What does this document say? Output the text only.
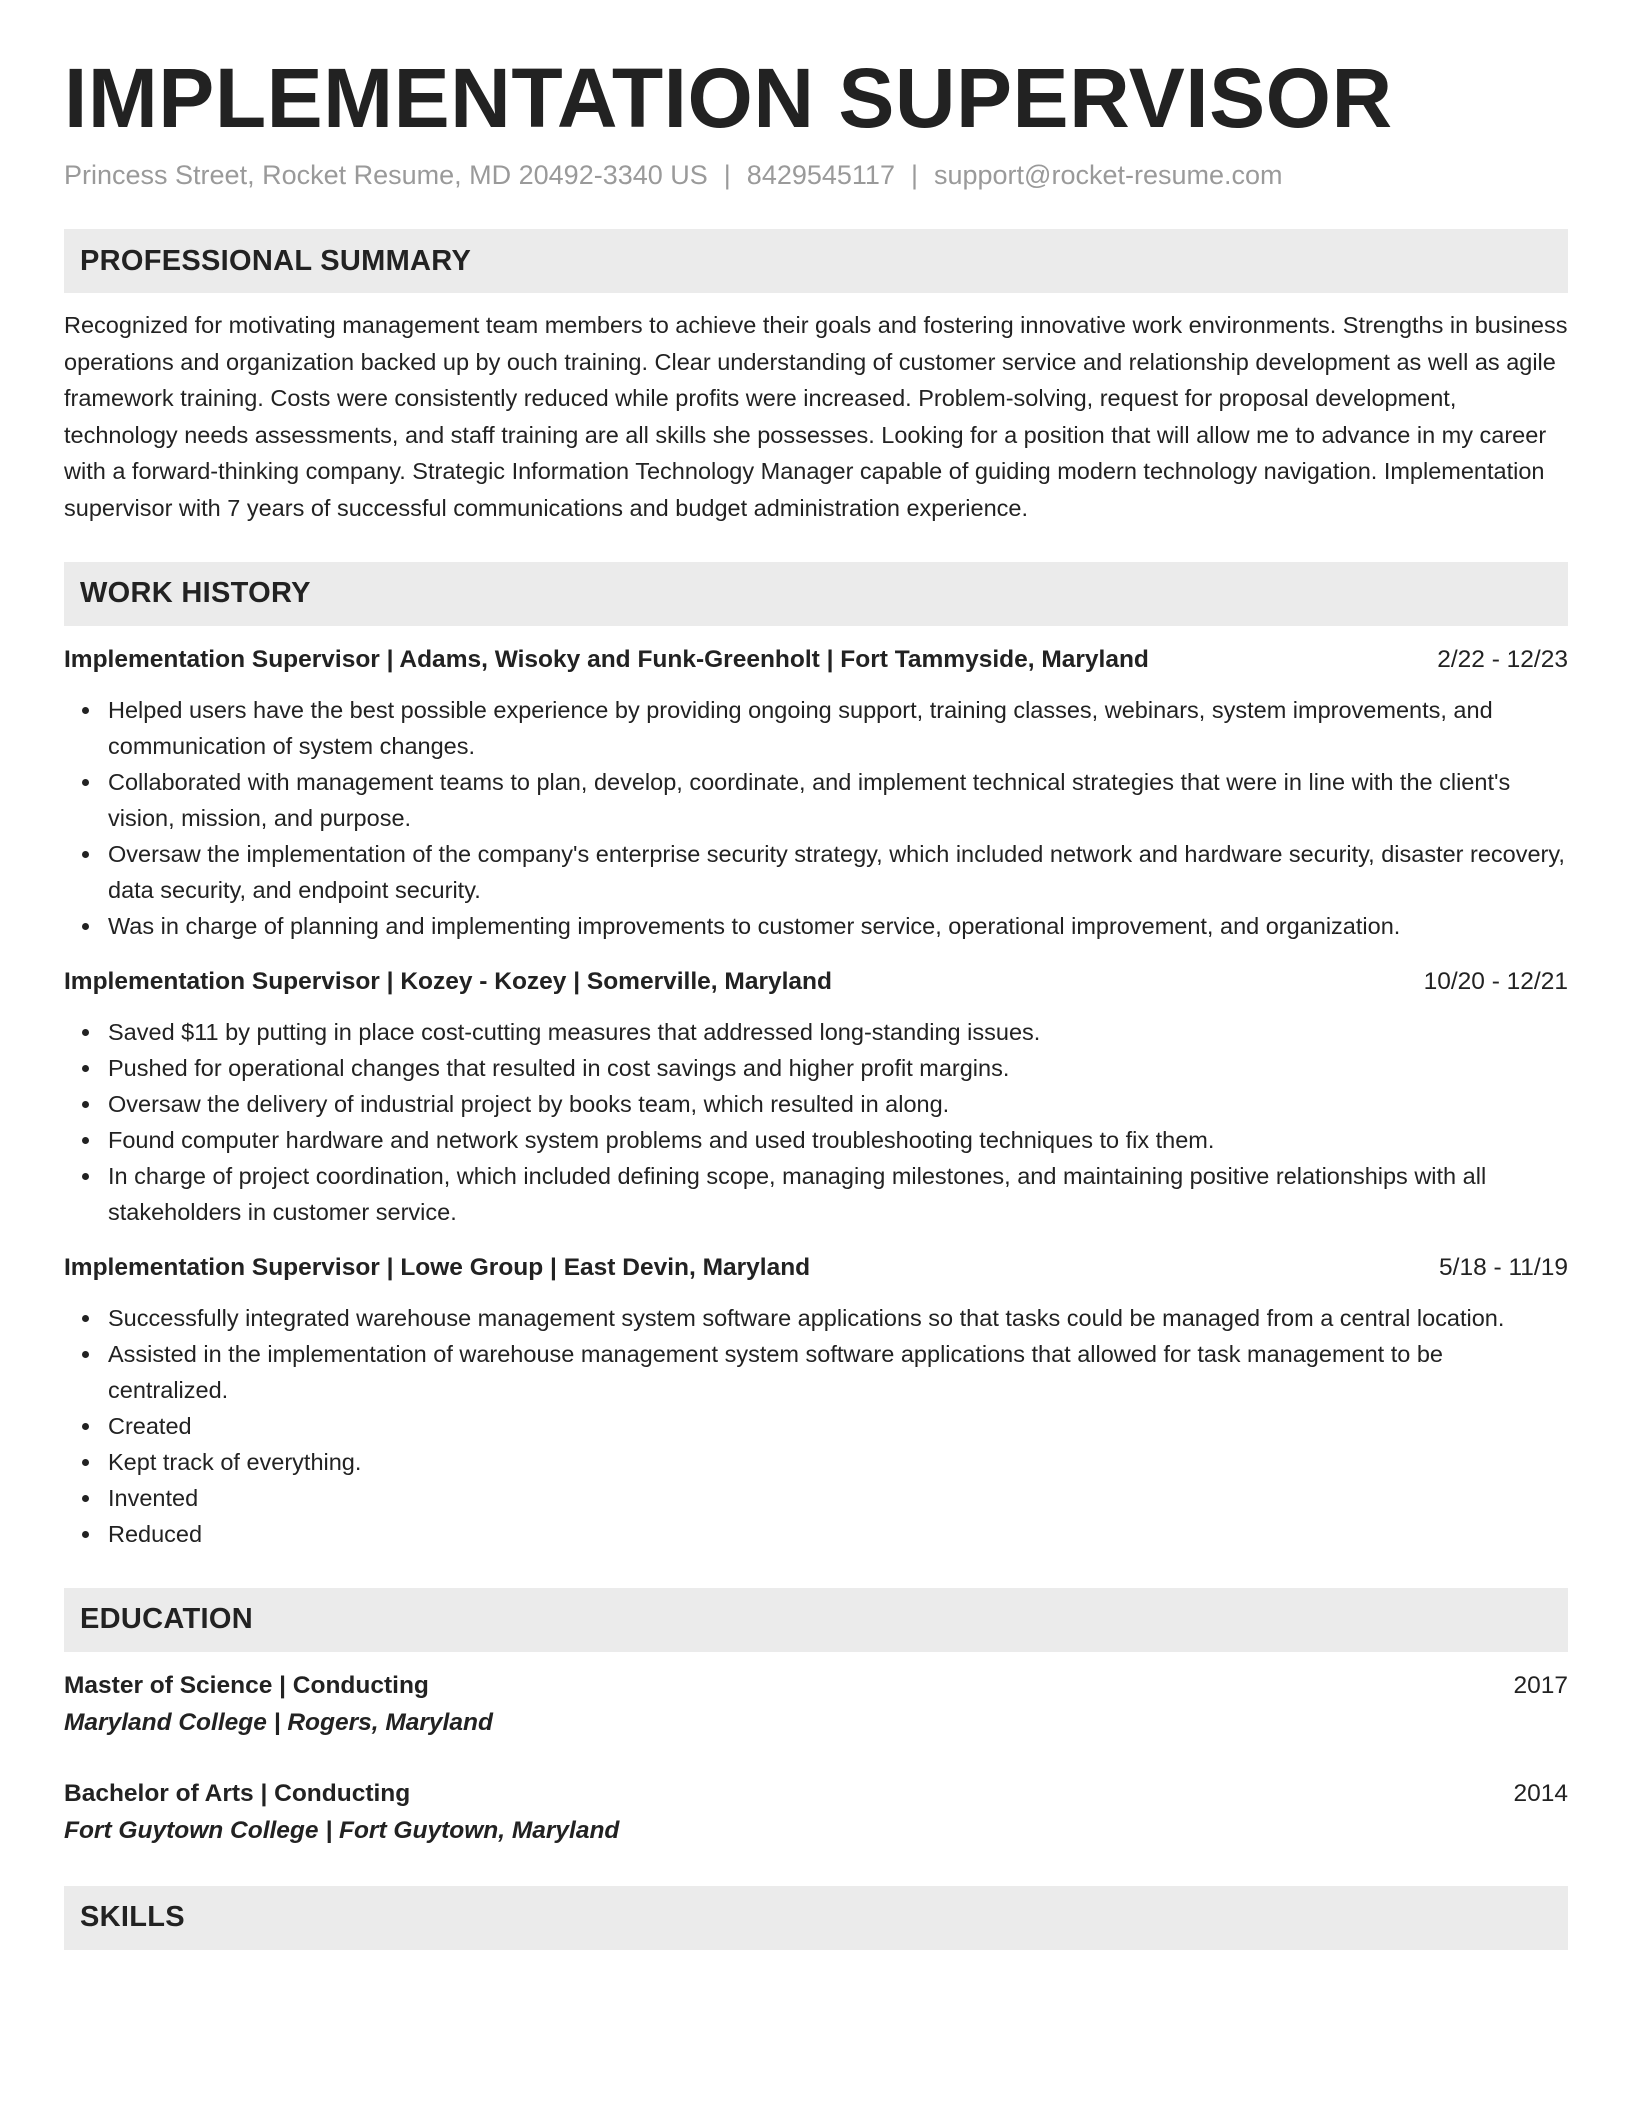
IMPLEMENTATION SUPERVISOR
Princess Street, Rocket Resume, MD 20492-3340 US | 8429545117 | support@rocket-resume.com
PROFESSIONAL SUMMARY

Recognized for motivating management team members to achieve their goals and fostering innovative work environments. Strengths in business operations and organization backed up by ouch training. Clear understanding of customer service and relationship development as well as agile framework training. Costs were consistently reduced while profits were increased. Problem-solving, request for proposal development, technology needs assessments, and staff training are all skills she possesses. Looking for a position that will allow me to advance in my career with a forward-thinking company. Strategic Information Technology Manager capable of guiding modern technology navigation. Implementation supervisor with 7 years of successful communications and budget administration experience.

WORK HISTORY
Implementation Supervisor | Adams, Wisoky and Funk-Greenholt | Fort Tammyside, Maryland	2/22 - 12/23
Helped users have the best possible experience by providing ongoing support, training classes, webinars, system improvements, and communication of system changes.
Collaborated with management teams to plan, develop, coordinate, and implement technical strategies that were in line with the client's vision, mission, and purpose.
Oversaw the implementation of the company's enterprise security strategy, which included network and hardware security, disaster recovery, data security, and endpoint security.
Was in charge of planning and implementing improvements to customer service, operational improvement, and organization.
Implementation Supervisor | Kozey - Kozey | Somerville, Maryland	10/20 - 12/21
Saved $11 by putting in place cost-cutting measures that addressed long-standing issues.
Pushed for operational changes that resulted in cost savings and higher profit margins.
Oversaw the delivery of industrial project by books team, which resulted in along.
Found computer hardware and network system problems and used troubleshooting techniques to fix them.
In charge of project coordination, which included defining scope, managing milestones, and maintaining positive relationships with all stakeholders in customer service.
Implementation Supervisor | Lowe Group | East Devin, Maryland	5/18 - 11/19
Successfully integrated warehouse management system software applications so that tasks could be managed from a central location.
Assisted in the implementation of warehouse management system software applications that allowed for task management to be centralized.
Created
Kept track of everything.
Invented
Reduced
EDUCATION
Master of Science | Conducting	2017
Maryland College | Rogers, Maryland
Bachelor of Arts | Conducting	2014
Fort Guytown College | Fort Guytown, Maryland
SKILLS
